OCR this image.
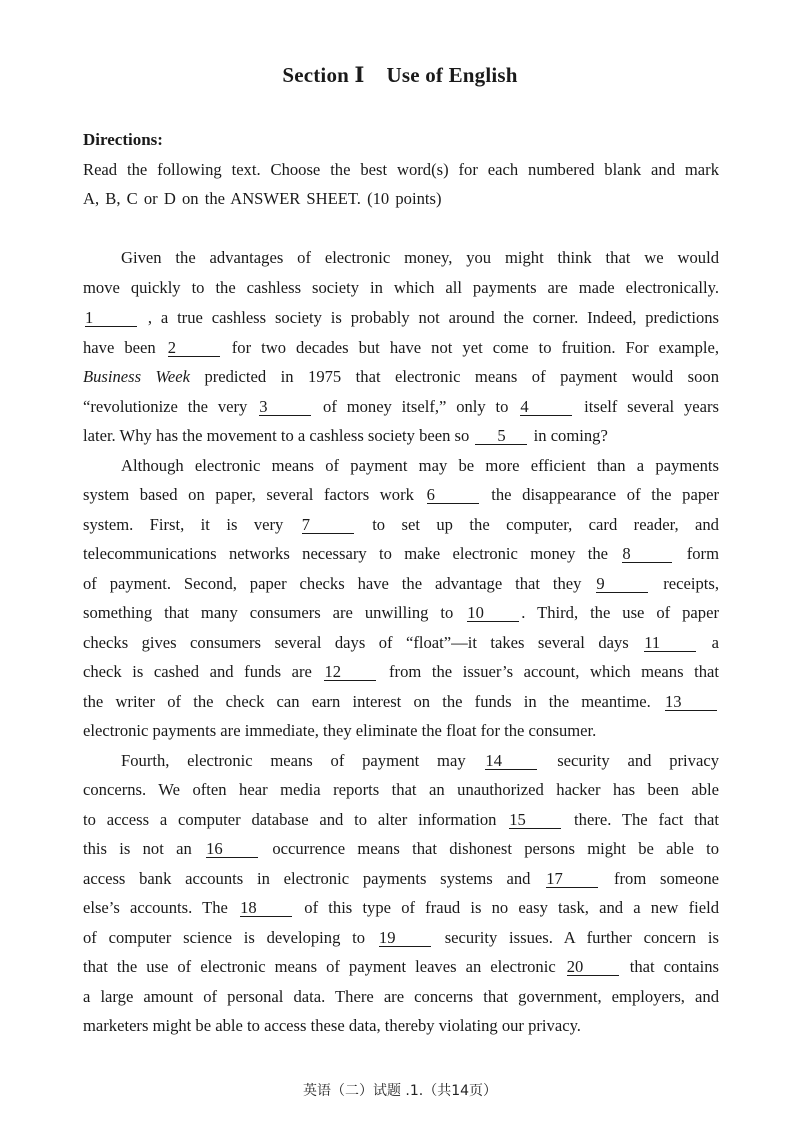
Section Ⅰ Use of English
Directions:
Read the following text. Choose the best word(s) for each numbered blank and mark
A, B, C or D on the ANSWER SHEET. (10 points)
Given the advantages of electronic money, you might think that we would
move quickly to the cashless society in which all payments are made electronically.
1	, a true cashless society is probably not around the corner. Indeed, predictions
have been 2	for two decades but have not yet come to fruition. For example,
Business Week predicted in 1975 that electronic means of payment would soon
“revolutionize the very 3	of money itself,” only to 4	itself several years
later. Why has the movement to a cashless society been so 5 in coming?
Although electronic means of payment may be more efficient than a payments
system based on paper, several factors work 6	the disappearance of the paper
system. First, it is very 7	to set up the computer, card reader, and
telecommunications networks necessary to make electronic money the 8	form
of payment. Second, paper checks have the advantage that they 9	receipts,
something that many consumers are unwilling to 10 . Third, the use of paper
checks gives consumers several days of “float”—it takes several days 11	a
check is cashed and funds are 12	from the issuer’s account, which means that
the writer of the check can earn interest on the funds in the meantime. 13
electronic payments are immediate, they eliminate the float for the consumer.
Fourth, electronic means of payment may 14	security and privacy
concerns. We often hear media reports that an unauthorized hacker has been able
to access a computer database and to alter information 15	there. The fact that
this is not an 16	occurrence means that dishonest persons might be able to
access bank accounts in electronic payments systems and 17	from someone
else’s accounts. The 18	of this type of fraud is no easy task, and a new field
of computer science is developing to 19	security issues. A further concern is
that the use of electronic means of payment leaves an electronic 20	that contains
a large amount of personal data. There are concerns that government, employers, and
marketers might be able to access these data, thereby violating our privacy.
英语（二）试题 .1.（共14页）
